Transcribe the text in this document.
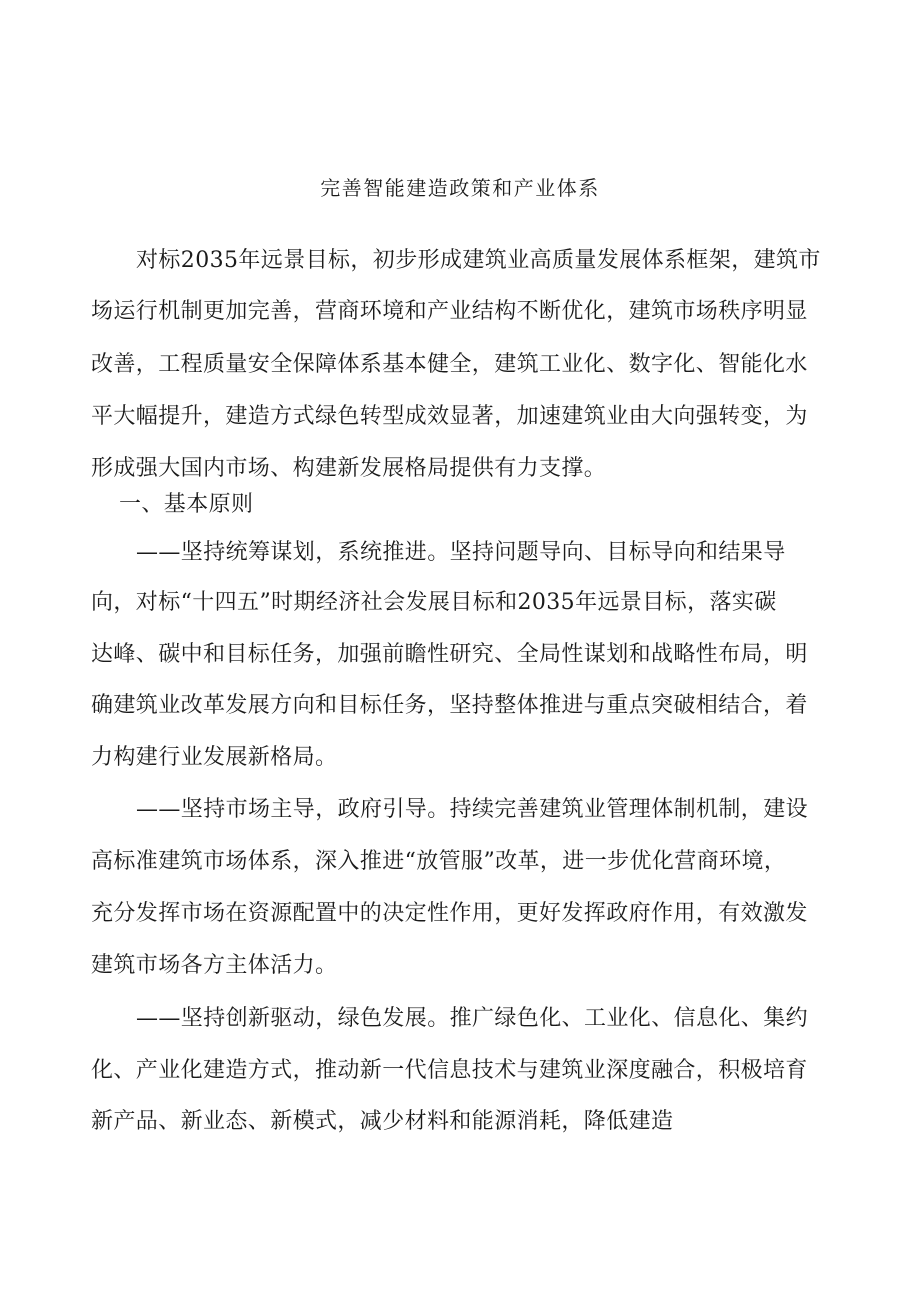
完善智能建造政策和产业体系
对标2035年远景目标，初步形成建筑业高质量发展体系框架，建筑市
场运行机制更加完善，营商环境和产业结构不断优化，建筑市场秩序明显
改善，工程质量安全保障体系基本健全，建筑工业化、数字化、智能化水
平大幅提升，建造方式绿色转型成效显著，加速建筑业由大向强转变，为
形成强大国内市场、构建新发展格局提供有力支撑。
一、基本原则
——坚持统筹谋划，系统推进。坚持问题导向、目标导向和结果导
向，对标“十四五”时期经济社会发展目标和2035年远景目标，落实碳
达峰、碳中和目标任务，加强前瞻性研究、全局性谋划和战略性布局，明
确建筑业改革发展方向和目标任务，坚持整体推进与重点突破相结合，着
力构建行业发展新格局。
——坚持市场主导，政府引导。持续完善建筑业管理体制机制，建设
高标准建筑市场体系，深入推进“放管服”改革，进一步优化营商环境，
充分发挥市场在资源配置中的决定性作用，更好发挥政府作用，有效激发
建筑市场各方主体活力。
——坚持创新驱动，绿色发展。推广绿色化、工业化、信息化、集约
化、产业化建造方式，推动新一代信息技术与建筑业深度融合，积极培育
新产品、新业态、新模式，减少材料和能源消耗，降低建造
